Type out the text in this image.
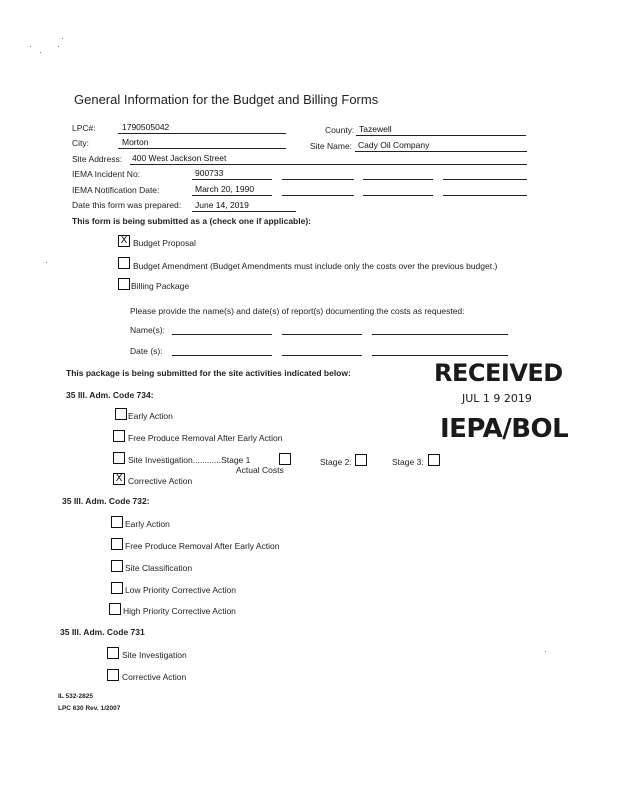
General Information for the Budget and Billing Forms
LPC#:	1790505042	County: Tazewell
City:	Morton	Site Name: Cady Oil Company
Site Address: 400 West Jackson Street
IEMA Incident No:	900733
IEMA Notification Date:	March 20, 1990
Date this form was prepared: June 14, 2019
This form is being submitted as a (check one if applicable):
X Budget Proposal
Budget Amendment (Budget Amendments must include only the costs over the previous budget.)
Billing Package
Please provide the name(s) and date(s) of report(s) documenting the costs as requested:
Name(s):
Date (s):
This package is being submitted for the site activities indicated below:	RECEIVED
JUL 1 9 2019
IEPA/BOL
35 Ill. Adm. Code 734:
Early Action
Free Produce Removal After Early Action
Site Investigation............Stage 1	Stage 2:	Stage 3:
Actual Costs
X Corrective Action
35 Ill. Adm. Code 732:
Early Action
Free Produce Removal After Early Action
Site Classification
Low Priority Corrective Action
High Priority Corrective Action
35 Ill. Adm. Code 731
Site Investigation
Corrective Action
IL 532-2825
LPC 630 Rev. 1/2007
